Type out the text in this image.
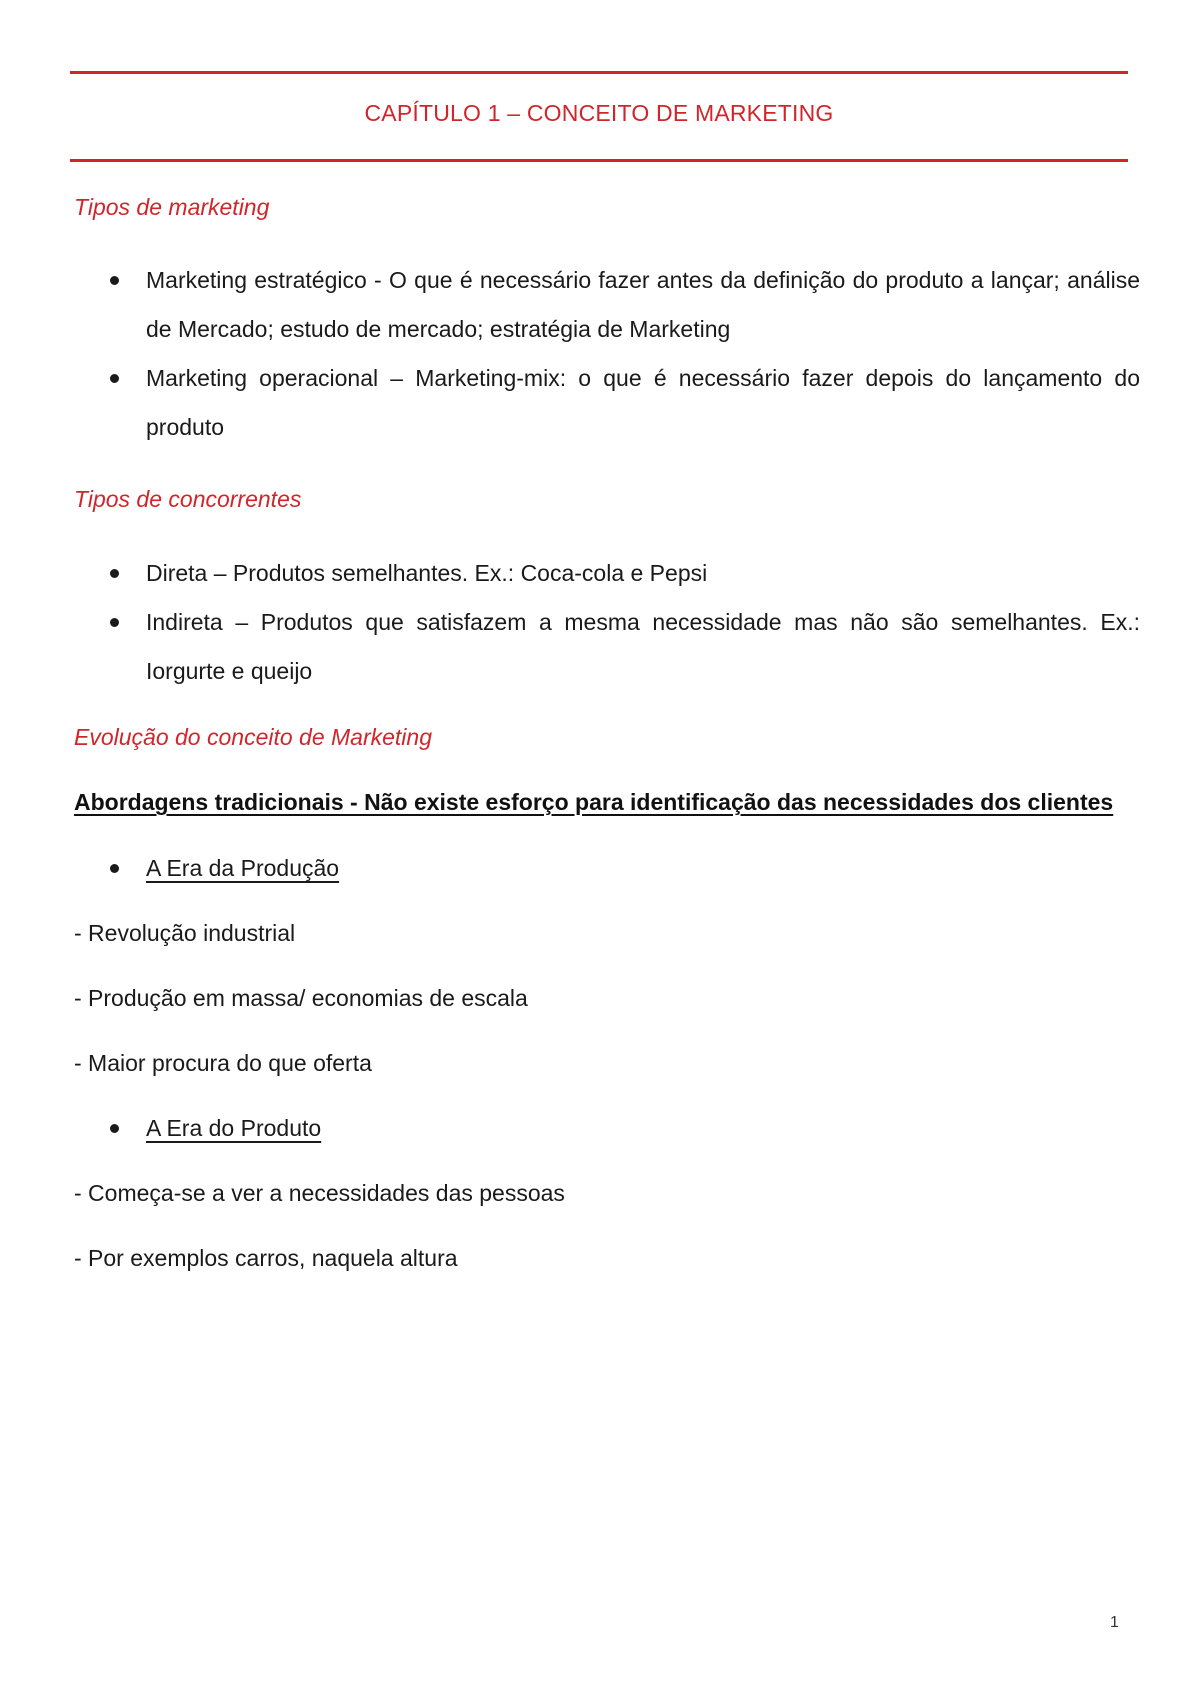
CAPÍTULO 1 – CONCEITO DE MARKETING
Tipos de marketing
Marketing estratégico - O que é necessário fazer antes da definição do produto a lançar; análise de Mercado; estudo de mercado; estratégia de Marketing
Marketing operacional – Marketing-mix: o que é necessário fazer depois do lançamento do produto
Tipos de concorrentes
Direta – Produtos semelhantes. Ex.: Coca-cola e Pepsi
Indireta – Produtos que satisfazem a mesma necessidade mas não são semelhantes. Ex.: Iorgurte e queijo
Evolução do conceito de Marketing
Abordagens tradicionais - Não existe esforço para identificação das necessidades dos clientes
A Era da Produção
- Revolução industrial
- Produção em massa/ economias de escala
- Maior procura do que oferta
A Era do Produto
- Começa-se a ver a necessidades das pessoas
- Por exemplos carros, naquela altura
1
